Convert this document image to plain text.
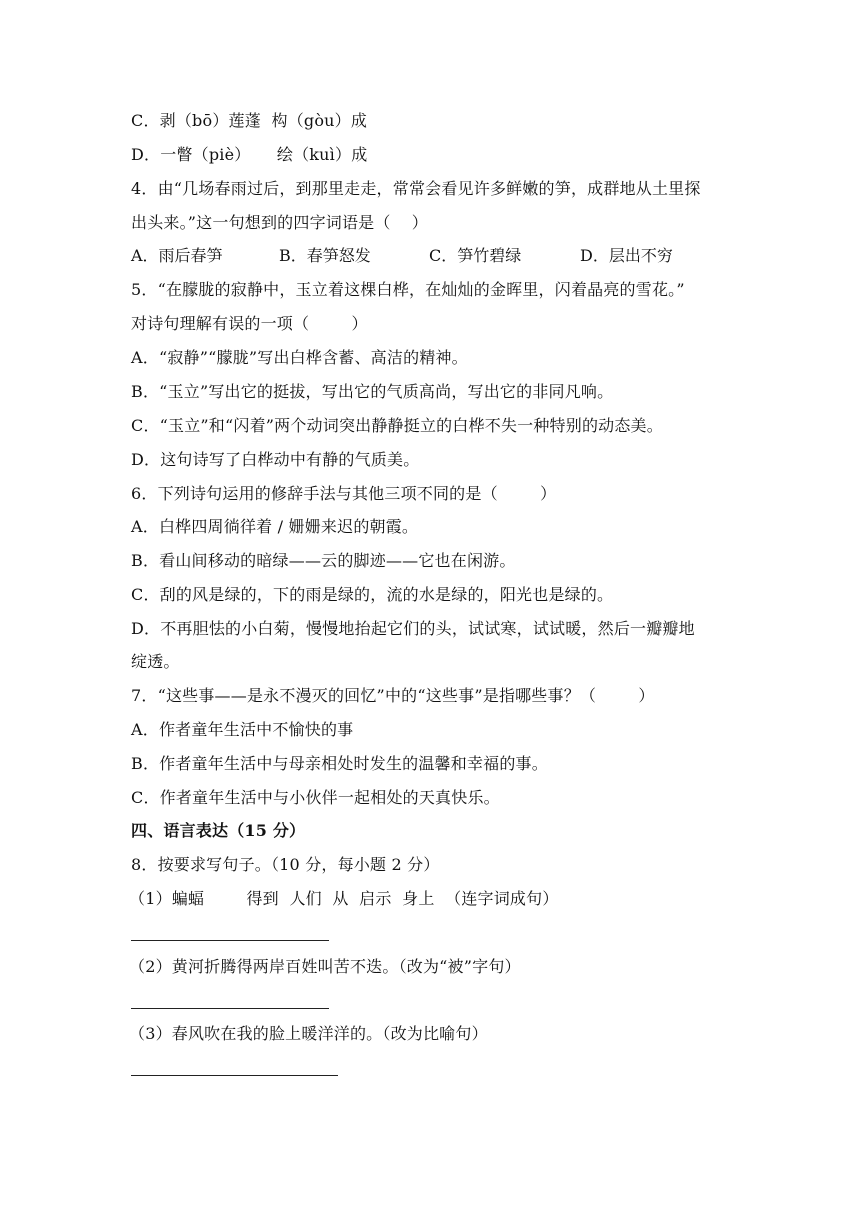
C．剥（bō）莲蓬  构（gòu）成
D．一瞥（piè）     绘（kuì）成
4．由“几场春雨过后，到那里走走，常常会看见许多鲜嫩的笋，成群地从土里探
出头来。”这一句想到的四字词语是（    ）

A．雨后春笋

	B．春笋怒发

	C．笋竹碧绿

	D．层出不穷

5．“在朦胧的寂静中，玉立着这棵白桦，在灿灿的金晖里，闪着晶亮的雪花。”
对诗句理解有误的一项（        ）
A．“寂静”“朦胧”写出白桦含蓄、高洁的精神。
B．“玉立”写出它的挺拔，写出它的气质高尚，写出它的非同凡响。
C．“玉立”和“闪着”两个动词突出静静挺立的白桦不失一种特别的动态美。
D．这句诗写了白桦动中有静的气质美。
6．下列诗句运用的修辞手法与其他三项不同的是（        ）
A．白桦四周徜徉着 / 姗姗来迟的朝霞。
B．看山间移动的暗绿——云的脚迹——它也在闲游。
C．刮的风是绿的，下的雨是绿的，流的水是绿的，阳光也是绿的。
D．不再胆怯的小白菊，慢慢地抬起它们的头，试试寒，试试暖，然后一瓣瓣地
绽透。
7．“这些事——是永不漫灭的回忆”中的“这些事”是指哪些事？（        ）
A．作者童年生活中不愉快的事
B．作者童年生活中与母亲相处时发生的温馨和幸福的事。
C．作者童年生活中与小伙伴一起相处的天真快乐。
四、语言表达（15 分）
8．按要求写句子。（10 分，每小题 2 分）
（1）蝙蝠        得到  人们  从  启示  身上  （连字词成句）
（2）黄河折腾得两岸百姓叫苦不迭。（改为“被”字句）
（3）春风吹在我的脸上暖洋洋的。（改为比喻句）
